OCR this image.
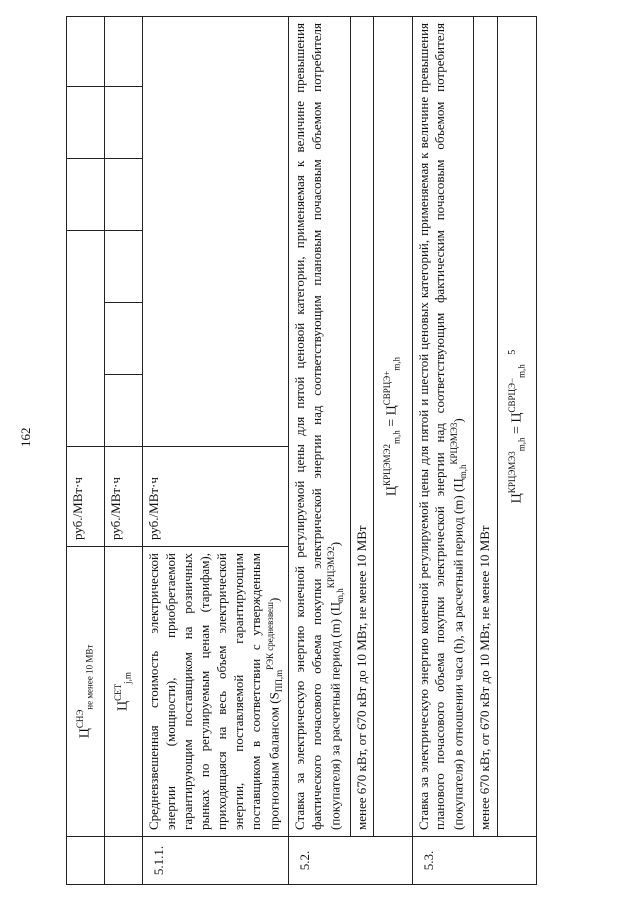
162
	$Ц^{СНЭ}_{не менее 10 МВт}$	руб./МВт·ч						
	$Ц^{СЕТ}_{j,m}$	руб./МВт·ч						
5.1.1.	Средневзвешенная стоимость электрической энергии (мощности), приобретаемой гарантирующим поставщиком на розничных рынках по регулируемым ценам (тарифам), приходящаяся на весь объем электрической энергии, поставляемой гарантирующим поставщиком в соответствии с утвержденным прогнозным балансом $(S_{ПП,m}^{РЭК средневзвеш})$	руб./МВт·ч						
5.2.	Ставка за электрическую энергию конечной регулируемой цены для пятой ценовой категории, применяемая к величине превышения фактического почасового объема покупки электрической энергии над соответствующим плановым почасовым объемом потребителя (покупателя) за расчетный период (m) $(Ц_{m,h}^{КРЦЭМЭ2})$							
	менее 670 кВт, от 670 кВт до 10 МВт, не менее 10 МВт							
	$Ц^{КРЦЭМЭ2}_{m,h} = Ц^{СВРЦЭ+}_{m,h}$
5.3.	Ставка за электрическую энергию конечной регулируемой цены для пятой и шестой ценовых категорий, применяемая к величине превышения планового почасового объема покупки электрической энергии над соответствующим фактическим почасовым объемом потребителя (покупателя) в отношении часа (h), за расчетный период (m) $(Ц_{m,h}^{КРЦЭМЭ3})$							
	менее 670 кВт, от 670 кВт до 10 МВт, не менее 10 МВт							
	$Ц^{КРЦЭМЭ3}_{m,h} = Ц^{СВРЦЭ-}_{m,h}$ $^5$
